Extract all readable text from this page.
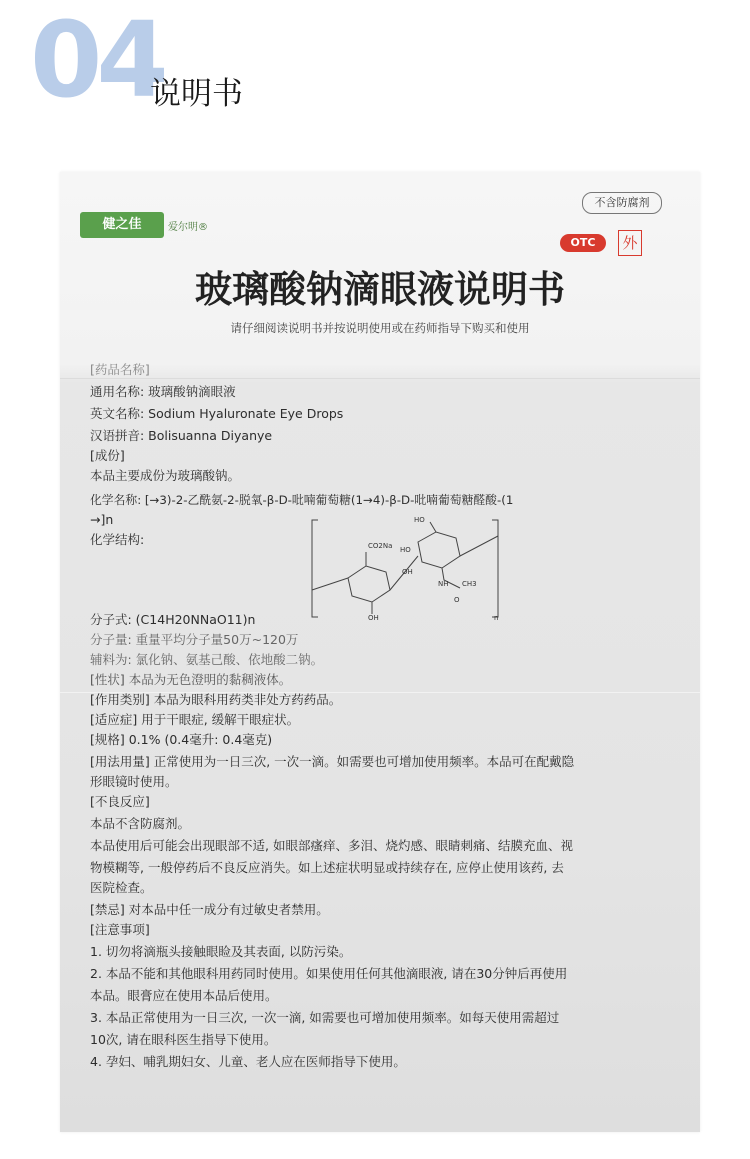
04
说明书
健之佳	爱尔明®
不含防腐剂
OTC	外
玻璃酸钠滴眼液说明书
请仔细阅读说明书并按说明使用或在药师指导下购买和使用
[药品名称]
通用名称: 玻璃酸钠滴眼液
英文名称: Sodium Hyaluronate Eye Drops
汉语拼音: Bolisuanna Diyanye
[成份]
本品主要成份为玻璃酸钠。
化学名称: [→3)-2-乙酰氨-2-脱氧-β-D-吡喃葡萄糖(1→4)-β-D-吡喃葡萄糖醛酸-(1
→]n
化学结构:	CO2Na
OH
HO
OH
HO
NH CH3
O
n
分子式: (C14H20NNaO11)n
分子量: 重量平均分子量50万~120万
辅料为: 氯化钠、氨基己酸、依地酸二钠。
[性状] 本品为无色澄明的黏稠液体。
[作用类别] 本品为眼科用药类非处方药药品。
[适应症] 用于干眼症, 缓解干眼症状。
[规格] 0.1% (0.4毫升: 0.4毫克)
[用法用量] 正常使用为一日三次, 一次一滴。如需要也可增加使用频率。本品可在配戴隐
形眼镜时使用。
[不良反应]
本品不含防腐剂。
本品使用后可能会出现眼部不适, 如眼部瘙痒、多泪、烧灼感、眼睛刺痛、结膜充血、视
物模糊等, 一般停药后不良反应消失。如上述症状明显或持续存在, 应停止使用该药, 去
医院检查。
[禁忌] 对本品中任一成分有过敏史者禁用。
[注意事项]
1. 切勿将滴瓶头接触眼睑及其表面, 以防污染。
2. 本品不能和其他眼科用药同时使用。如果使用任何其他滴眼液, 请在30分钟后再使用
本品。眼膏应在使用本品后使用。
3. 本品正常使用为一日三次, 一次一滴, 如需要也可增加使用频率。如每天使用需超过
10次, 请在眼科医生指导下使用。
4. 孕妇、哺乳期妇女、儿童、老人应在医师指导下使用。
